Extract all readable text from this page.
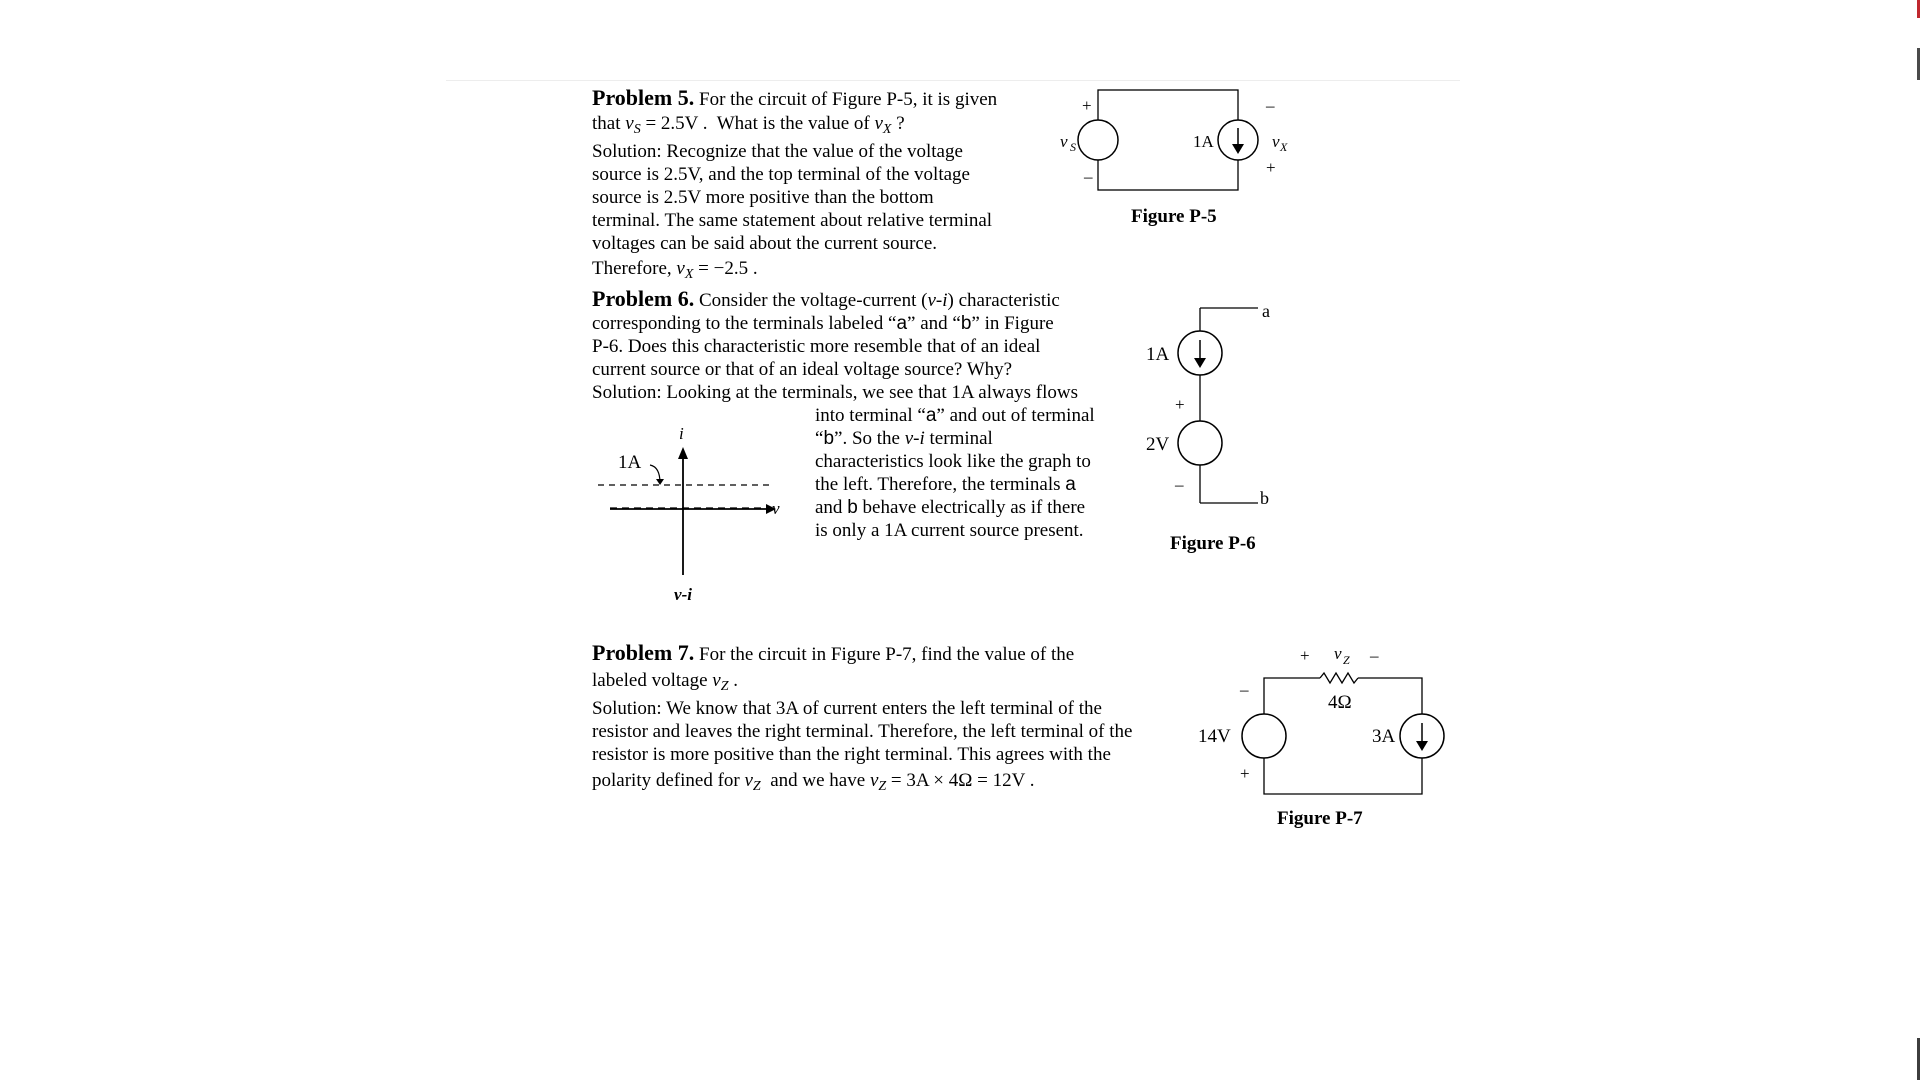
Problem 5. For the circuit of Figure P-5, it is given
that $v_S = 2.5V$ . What is the value of $v_X$ ?
Solution: Recognize that the value of the voltage
source is 2.5V, and the top terminal of the voltage
source is 2.5V more positive than the bottom
terminal. The same statement about relative terminal
voltages can be said about the current source.
Therefore, $v_X = -2.5$ .
+
–
v S	1A
–
v X
+
Figure P-5
Problem 6. Consider the voltage-current (v-i) characteristic
corresponding to the terminals labeled “a” and “b” in Figure
P-6. Does this characteristic more resemble that of an ideal
current source or that of an ideal voltage source? Why?
Solution: Looking at the terminals, we see that 1A always flows
into terminal “a” and out of terminal
“b”. So the v-i terminal
characteristics look like the graph to
the left. Therefore, the terminals a
and b behave electrically as if there
is only a 1A current source present.
i
v
1A
v-i
a
b
1A
2V
+
–
Figure P-6
Problem 7. For the circuit in Figure P-7, find the value of the
labeled voltage $v_Z$ .
Solution: We know that 3A of current enters the left terminal of the
resistor and leaves the right terminal. Therefore, the left terminal of the
resistor is more positive than the right terminal. This agrees with the
polarity defined for $v_Z$ and we have $v_Z = 3A \times 4\Omega = 12V$ .
+ v Z –
4Ω
14V	3A
–
+
Figure P-7
